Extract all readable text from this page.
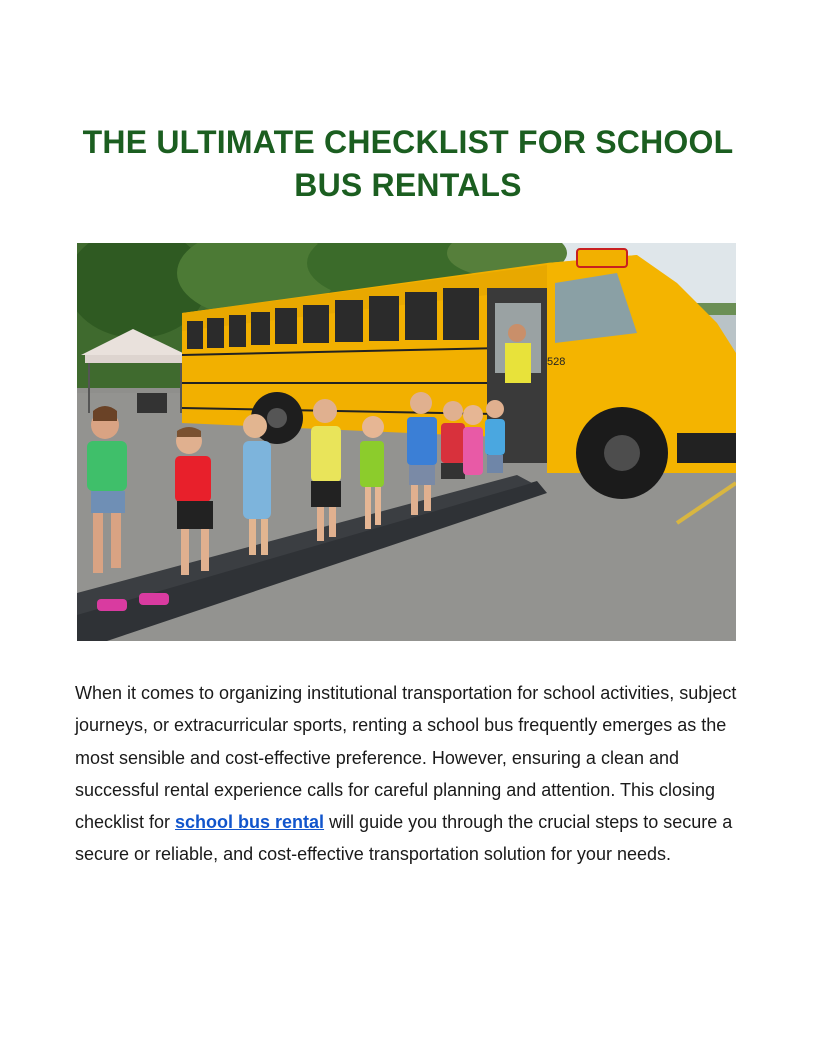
THE ULTIMATE CHECKLIST FOR SCHOOL BUS RENTALS
528

When it comes to organizing institutional transportation for school activities, subject journeys, or extracurricular sports, renting a school bus frequently emerges as the most sensible and cost-effective preference. However, ensuring a clean and successful rental experience calls for careful planning and attention. This closing checklist for school bus rental will guide you through the crucial steps to secure a secure or reliable, and cost-effective transportation solution for your needs.
